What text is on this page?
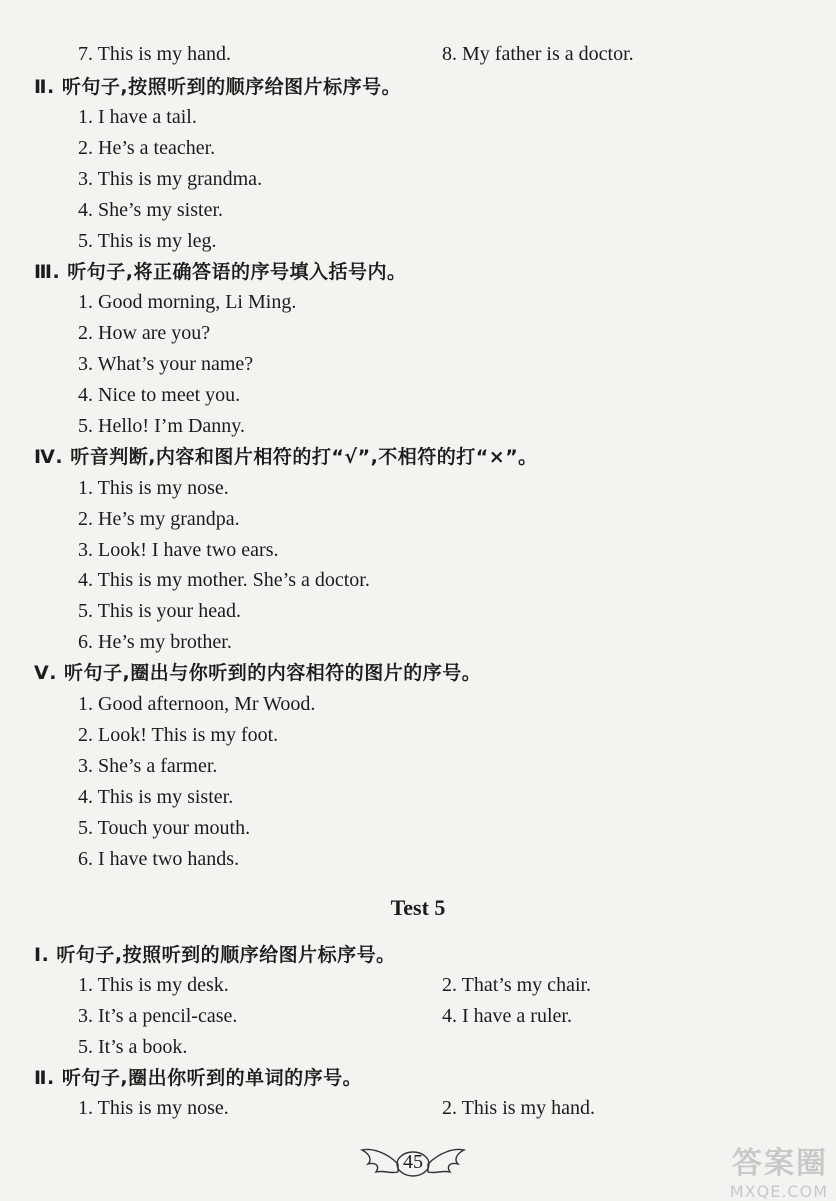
7. This is my hand.	8. My father is a doctor.
Ⅱ. 听句子,按照听到的顺序给图片标序号。
1. I have a tail.
2. He’s a teacher.
3. This is my grandma.
4. She’s my sister.
5. This is my leg.
Ⅲ. 听句子,将正确答语的序号填入括号内。
1. Good morning, Li Ming.
2. How are you?
3. What’s your name?
4. Nice to meet you.
5. Hello! I’m Danny.
Ⅳ. 听音判断,内容和图片相符的打“√”,不相符的打“×”。
1. This is my nose.
2. He’s my grandpa.
3. Look! I have two ears.
4. This is my mother. She’s a doctor.
5. This is your head.
6. He’s my brother.
Ⅴ. 听句子,圈出与你听到的内容相符的图片的序号。
1. Good afternoon, Mr Wood.
2. Look! This is my foot.
3. She’s a farmer.
4. This is my sister.
5. Touch your mouth.
6. I have two hands.
Test 5
Ⅰ. 听句子,按照听到的顺序给图片标序号。
1. This is my desk.	2. That’s my chair.
3. It’s a pencil-case.	4. I have a ruler.
5. It’s a book.
Ⅱ. 听句子,圈出你听到的单词的序号。
1. This is my nose.	2. This is my hand.
45	答案圈
MXQE.COM
